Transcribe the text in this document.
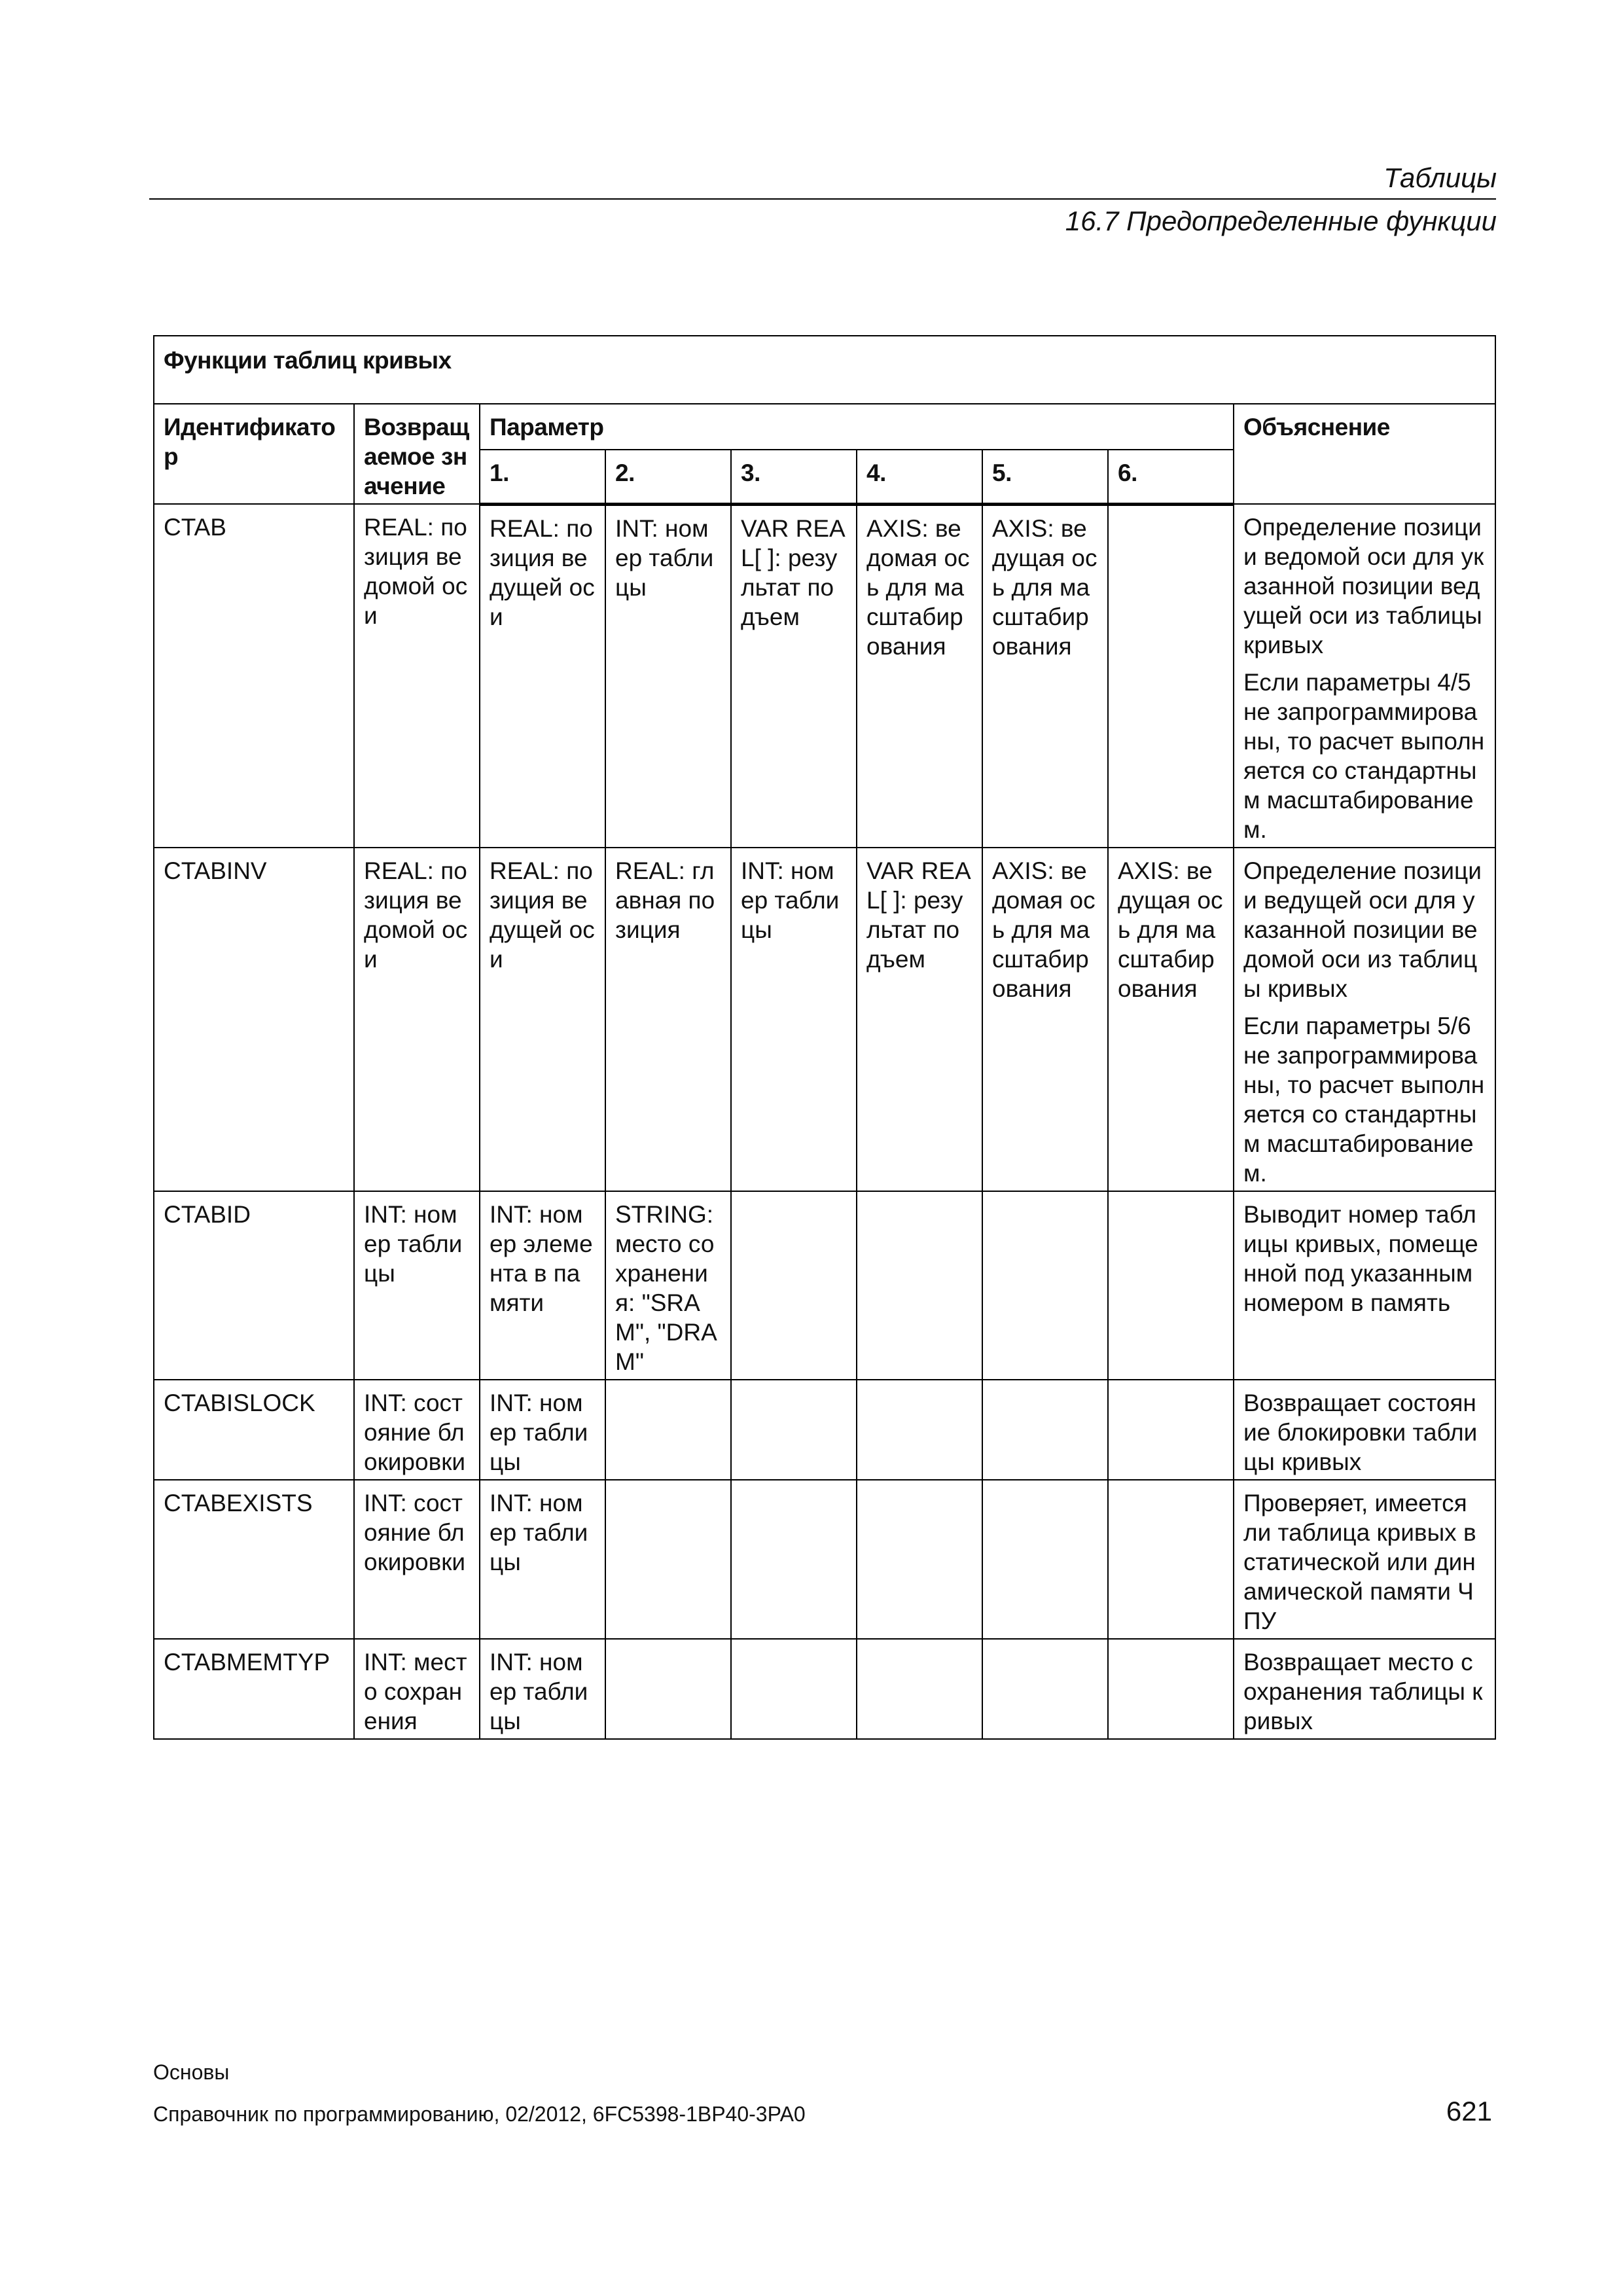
Таблицы
16.7 Предопределенные функции
Функции таблиц кривых								
Идентификатор	Возвращаемое значение	Параметр						Объяснение
		1.	2.	3.	4.	5.	6.	
CTAB	REAL: позиция ведомой оси	REAL: позиция ведущей оси	INT: номер таблицы	VAR REAL[ ]: результат подъем	AXIS: ведомая ось для масштабирования	AXIS: ведущая ось для масштабирования		Определение позиции ведомой оси для указанной позиции ведущей оси из таблицы кривых
Если параметры 4/5 не запрограммированы, то расчет выполняется со стандартным масштабированием.

CTABINV	REAL: позиция ведомой оси	REAL: позиция ведущей оси	REAL: главная позиция	INT: номер таблицы	VAR REAL[ ]: результат подъем	AXIS: ведомая ось для масштабирования	AXIS: ведущая ось для масштабирования	Определение позиции ведущей оси для указанной позиции ведомой оси из таблицы кривых
Если параметры 5/6 не запрограммированы, то расчет выполняется со стандартным масштабированием.

CTABID	INT: номер таблицы	INT: номер элемента в памяти	STRING: место сохранения: "SRAM", "DRAM"					Выводит номер таблицы кривых, помещенной под указанным номером в память

CTABISLOCK	INT: состояние блокировки	INT: номер таблицы						Возвращает состояние блокировки таблицы кривых

CTABEXISTS	INT: состояние блокировки	INT: номер таблицы						Проверяет, имеется ли таблица кривых в статической или динамической памяти ЧПУ

CTABMEMTYP	INT: место сохранения	INT: номер таблицы						Возвращает место сохранения таблицы кривых
Основы
Справочник по программированию, 02/2012, 6FC5398-1BP40-3PA0	621
